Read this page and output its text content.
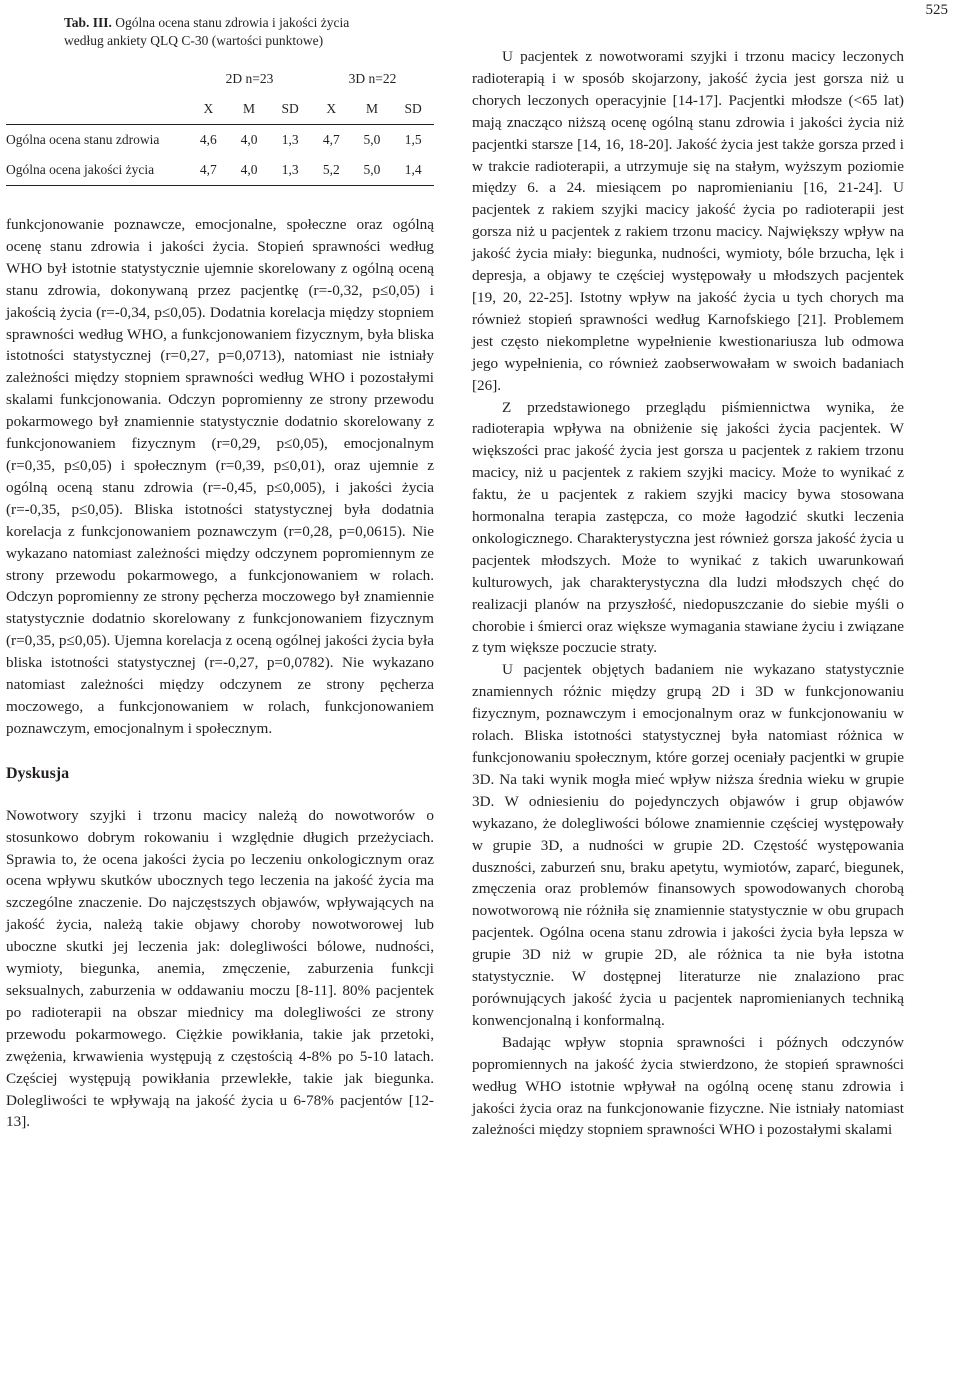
525
Tab. III. Ogólna ocena stanu zdrowia i jakości życia
według ankiety QLQ C-30 (wartości punktowe)
	2D n=23			3D n=22		
	X	M	SD	X	M	SD
Ogólna ocena stanu zdrowia	4,6	4,0	1,3	4,7	5,0	1,5
Ogólna ocena jakości życia	4,7	4,0	1,3	5,2	5,0	1,4

funkcjonowanie poznawcze, emocjonalne, społeczne oraz ogólną ocenę stanu zdrowia i jakości życia. Stopień sprawności według WHO był istotnie statystycznie ujemnie skorelowany z ogólną oceną stanu zdrowia, dokonywaną przez pacjentkę (r=-0,32, p≤0,05) i jakością życia (r=-0,34, p≤0,05). Dodatnia korelacja między stopniem sprawności według WHO, a funkcjonowaniem fizycznym, była bliska istotności statystycznej (r=0,27, p=0,0713), natomiast nie istniały zależności między stopniem sprawności według WHO i pozostałymi skalami funkcjonowania. Odczyn popromienny ze strony przewodu pokarmowego był znamiennie statystycznie dodatnio skorelowany z funkcjonowaniem fizycznym (r=0,29, p≤0,05), emocjonalnym (r=0,35, p≤0,05) i społecznym (r=0,39, p≤0,01), oraz ujemnie z ogólną oceną stanu zdrowia (r=-0,45, p≤0,005), i jakości życia (r=-0,35, p≤0,05). Bliska istotności statystycznej była dodatnia korelacja z funkcjonowaniem poznawczym (r=0,28, p=0,0615). Nie wykazano natomiast zależności między odczynem popromiennym ze strony przewodu pokarmowego, a funkcjonowaniem w rolach. Odczyn popromienny ze strony pęcherza moczowego był znamiennie statystycznie dodatnio skorelowany z funkcjonowaniem fizycznym (r=0,35, p≤0,05). Ujemna korelacja z oceną ogólnej jakości życia była bliska istotności statystycznej (r=-0,27, p=0,0782). Nie wykazano natomiast zależności między odczynem ze strony pęcherza moczowego, a funkcjonowaniem w rolach, funkcjonowaniem poznawczym, emocjonalnym i społecznym.

Dyskusja

Nowotwory szyjki i trzonu macicy należą do nowotworów o stosunkowo dobrym rokowaniu i względnie długich przeżyciach. Sprawia to, że ocena jakości życia po leczeniu onkologicznym oraz ocena wpływu skutków ubocznych tego leczenia na jakość życia ma szczególne znaczenie. Do najczęstszych objawów, wpływających na jakość życia, należą takie objawy choroby nowotworowej lub uboczne skutki jej leczenia jak: dolegliwości bólowe, nudności, wymioty, biegunka, anemia, zmęczenie, zaburzenia funkcji seksualnych, zaburzenia w oddawaniu moczu [8-11]. 80% pacjentek po radioterapii na obszar miednicy ma dolegliwości ze strony przewodu pokarmowego. Ciężkie powikłania, takie jak przetoki, zwężenia, krwawienia występują z częstością 4-8% po 5-10 latach. Częściej występują powikłania przewlekłe, takie jak biegunka. Dolegliwości te wpływają na jakość życia u 6-78% pacjentów [12-13].

U pacjentek z nowotworami szyjki i trzonu macicy leczonych radioterapią i w sposób skojarzony, jakość życia jest gorsza niż u chorych leczonych operacyjnie [14-17]. Pacjentki młodsze (<65 lat) mają znacząco niższą ocenę ogólną stanu zdrowia i jakości życia niż pacjentki starsze [14, 16, 18-20]. Jakość życia jest także gorsza przed i w trakcie radioterapii, a utrzymuje się na stałym, wyższym poziomie między 6. a 24. miesiącem po napromienianiu [16, 21-24]. U pacjentek z rakiem szyjki macicy jakość życia po radioterapii jest gorsza niż u pacjentek z rakiem trzonu macicy. Największy wpływ na jakość życia miały: biegunka, nudności, wymioty, bóle brzucha, lęk i depresja, a objawy te częściej występowały u młodszych pacjentek [19, 20, 22-25]. Istotny wpływ na jakość życia u tych chorych ma również stopień sprawności według Karnofskiego [21]. Problemem jest często niekompletne wypełnienie kwestionariusza lub odmowa jego wypełnienia, co również zaobserwowałam w swoich badaniach [26].

Z przedstawionego przeglądu piśmiennictwa wynika, że radioterapia wpływa na obniżenie się jakości życia pacjentek. W większości prac jakość życia jest gorsza u pacjentek z rakiem trzonu macicy, niż u pacjentek z rakiem szyjki macicy. Może to wynikać z faktu, że u pacjentek z rakiem szyjki macicy bywa stosowana hormonalna terapia zastępcza, co może łagodzić skutki leczenia onkologicznego. Charakterystyczna jest również gorsza jakość życia u pacjentek młodszych. Może to wynikać z takich uwarunkowań kulturowych, jak charakterystyczna dla ludzi młodszych chęć do realizacji planów na przyszłość, niedopuszczanie do siebie myśli o chorobie i śmierci oraz większe wymagania stawiane życiu i związane z tym większe poczucie straty.

U pacjentek objętych badaniem nie wykazano statystycznie znamiennych różnic między grupą 2D i 3D w funkcjonowaniu fizycznym, poznawczym i emocjonalnym oraz w funkcjonowaniu w rolach. Bliska istotności statystycznej była natomiast różnica w funkcjonowaniu społecznym, które gorzej oceniały pacjentki w grupie 3D. Na taki wynik mogła mieć wpływ niższa średnia wieku w grupie 3D. W odniesieniu do pojedynczych objawów i grup objawów wykazano, że dolegliwości bólowe znamiennie częściej występowały w grupie 3D, a nudności w grupie 2D. Częstość występowania duszności, zaburzeń snu, braku apetytu, wymiotów, zaparć, biegunek, zmęczenia oraz problemów finansowych spowodowanych chorobą nowotworową nie różniła się znamiennie statystycznie w obu grupach pacjentek. Ogólna ocena stanu zdrowia i jakości życia była lepsza w grupie 3D niż w grupie 2D, ale różnica ta nie była istotna statystycznie. W dostępnej literaturze nie znalaziono prac porównujących jakość życia u pacjentek napromienianych techniką konwencjonalną i konformalną.

Badając wpływ stopnia sprawności i późnych odczynów popromiennych na jakość życia stwierdzono, że stopień sprawności według WHO istotnie wpływał na ogólną ocenę stanu zdrowia i jakości życia oraz na funkcjonowanie fizyczne. Nie istniały natomiast zależności między stopniem sprawności WHO i pozostałymi skalami
